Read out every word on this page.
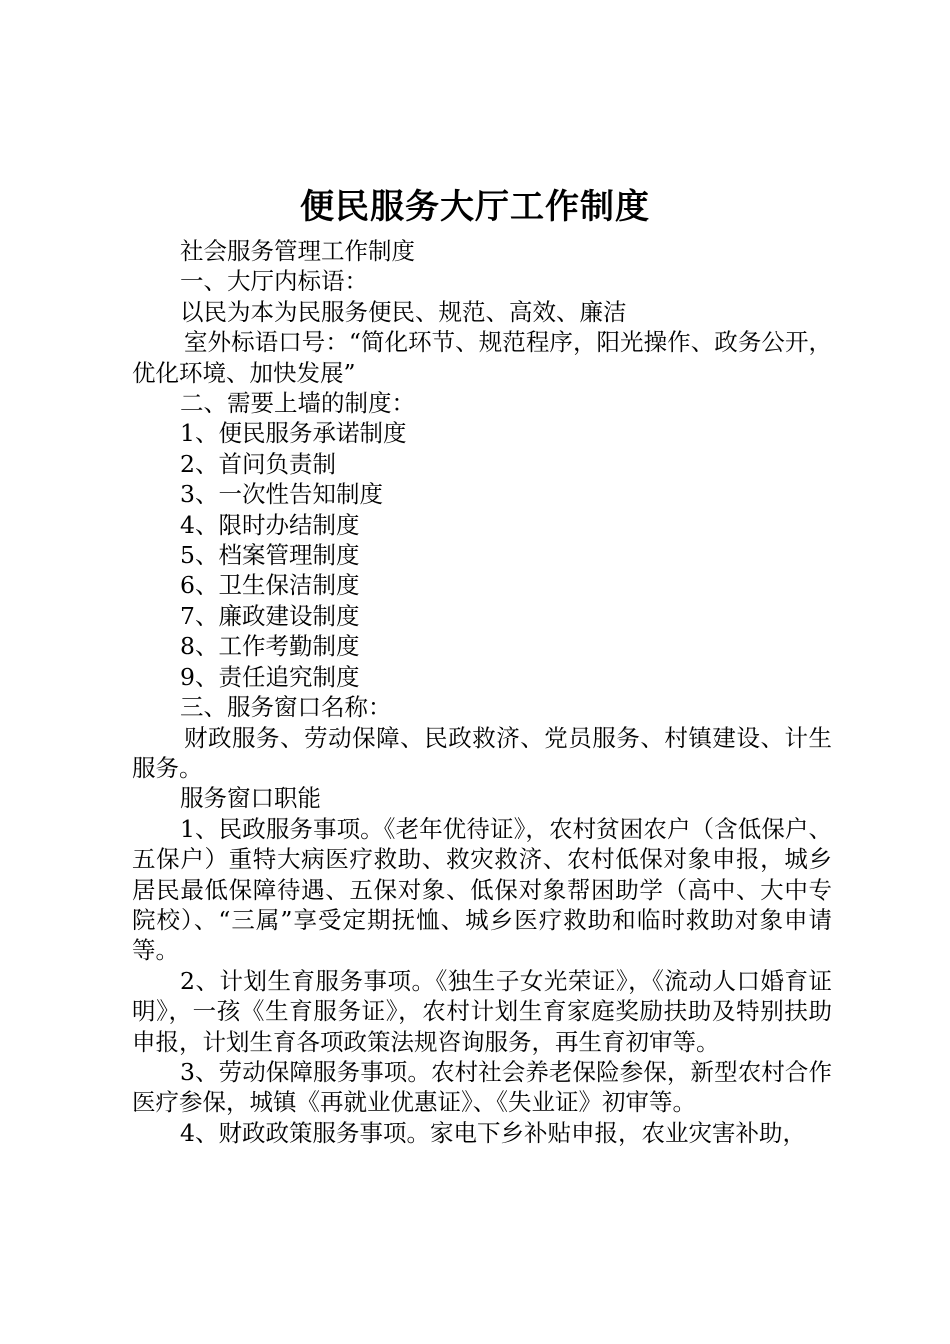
便民服务大厅工作制度

社会服务管理工作制度

一、大厅内标语：

以民为本为民服务便民、规范、高效、廉洁

室外标语口号：“简化环节、规范程序，阳光操作、政务公开，优化环境、加快发展”

二、需要上墙的制度：

1、便民服务承诺制度

2、首问负责制

3、一次性告知制度

4、限时办结制度

5、档案管理制度

6、卫生保洁制度

7、廉政建设制度

8、工作考勤制度

9、责任追究制度

三、服务窗口名称：

财政服务、劳动保障、民政救济、党员服务、村镇建设、计生服务。

服务窗口职能

1、民政服务事项。《老年优待证》，农村贫困农户（含低保户、五保户）重特大病医疗救助、救灾救济、农村低保对象申报，城乡居民最低保障待遇、五保对象、低保对象帮困助学（高中、大中专院校）、“三属”享受定期抚恤、城乡医疗救助和临时救助对象申请等。

2、计划生育服务事项。《独生子女光荣证》，《流动人口婚育证明》，一孩《生育服务证》，农村计划生育家庭奖励扶助及特别扶助申报，计划生育各项政策法规咨询服务，再生育初审等。

3、劳动保障服务事项。农村社会养老保险参保，新型农村合作医疗参保，城镇《再就业优惠证》、《失业证》初审等。

4、财政政策服务事项。家电下乡补贴申报，农业灾害补助，
